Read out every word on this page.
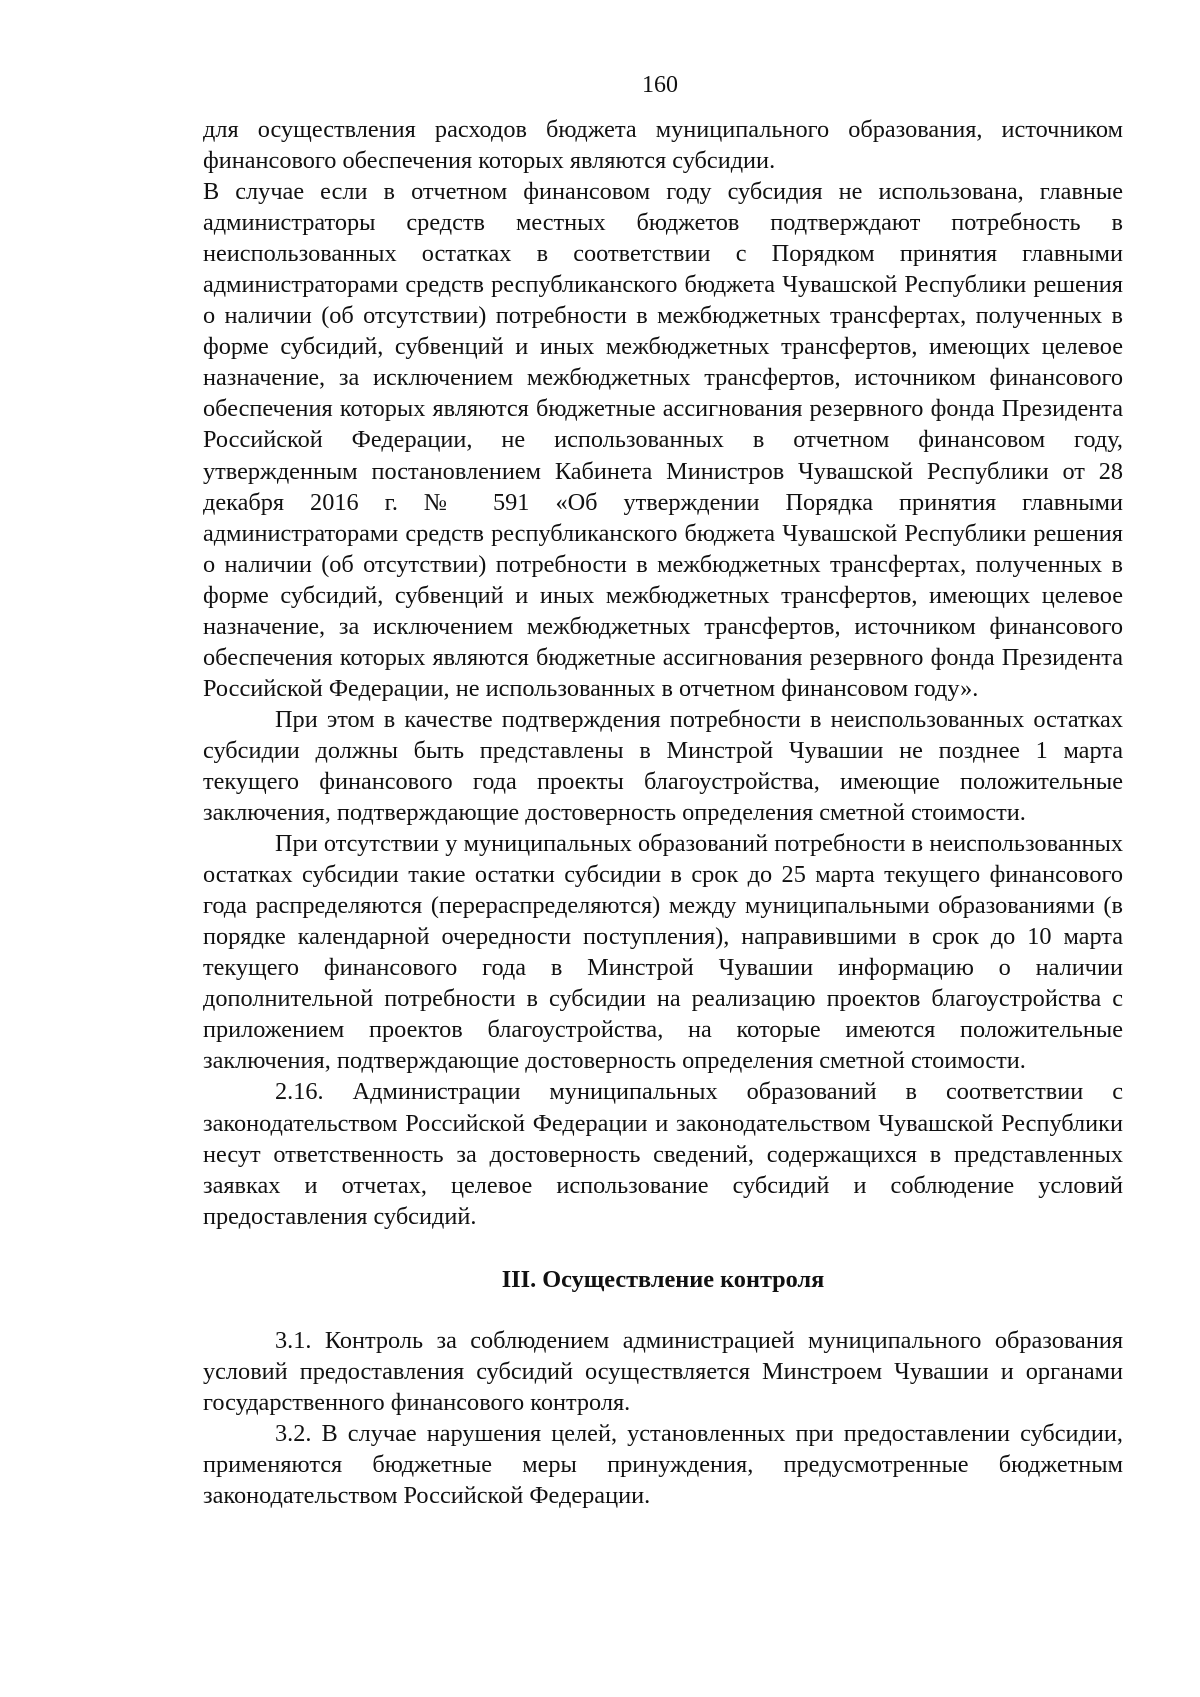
160

для осуществления расходов бюджета муниципального образования, источником финансового обеспечения которых являются субсидии.

В случае если в отчетном финансовом году субсидия не использована, главные администраторы средств местных бюджетов подтверждают потребность в неиспользованных остатках в соответствии с Порядком принятия главными администраторами средств республиканского бюджета Чувашской Республики решения о наличии (об отсутствии) потребности в межбюджетных трансфертах, полученных в форме субсидий, субвенций и иных межбюджетных трансфертов, имеющих целевое назначение, за исключением межбюджетных трансфертов, источником финансового обеспечения которых являются бюджетные ассигнования резервного фонда Президента Российской Федерации, не использованных в отчетном финансовом году, утвержденным постановлением Кабинета Министров Чувашской Республики от 28 декабря 2016 г. № 591 «Об утверждении Порядка принятия главными администраторами средств республиканского бюджета Чувашской Республики решения о наличии (об отсутствии) потребности в межбюджетных трансфертах, полученных в форме субсидий, субвенций и иных межбюджетных трансфертов, имеющих целевое назначение, за исключением межбюджетных трансфертов, источником финансового обеспечения которых являются бюджетные ассигнования резервного фонда Президента Российской Федерации, не использованных в отчетном финансовом году».

При этом в качестве подтверждения потребности в неиспользованных остатках субсидии должны быть представлены в Минстрой Чувашии не позднее 1 марта текущего финансового года проекты благоустройства, имеющие положительные заключения, подтверждающие достоверность определения сметной стоимости.

При отсутствии у муниципальных образований потребности в неиспользованных остатках субсидии такие остатки субсидии в срок до 25 марта текущего финансового года распределяются (перераспределяются) между муниципальными образованиями (в порядке календарной очередности поступления), направившими в срок до 10 марта текущего финансового года в Минстрой Чувашии информацию о наличии дополнительной потребности в субсидии на реализацию проектов благоустройства с приложением проектов благоустройства, на которые имеются положительные заключения, подтверждающие достоверность определения сметной стоимости.

2.16. Администрации муниципальных образований в соответствии с законодательством Российской Федерации и законодательством Чувашской Республики несут ответственность за достоверность сведений, содержащихся в представленных заявках и отчетах, целевое использование субсидий и соблюдение условий предоставления субсидий.

III. Осуществление контроля

3.1. Контроль за соблюдением администрацией муниципального образования условий предоставления субсидий осуществляется Минстроем Чувашии и органами государственного финансового контроля.

3.2. В случае нарушения целей, установленных при предоставлении субсидии, применяются бюджетные меры принуждения, предусмотренные бюджетным законодательством Российской Федерации.
